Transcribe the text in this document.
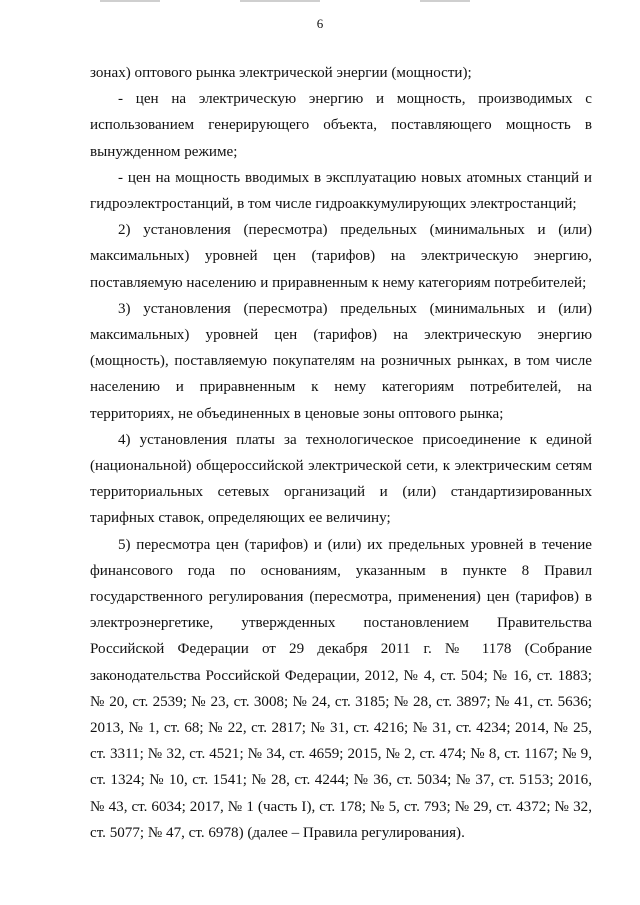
6

зонах) оптового рынка электрической энергии (мощности);

- цен на электрическую энергию и мощность, производимых с использованием генерирующего объекта, поставляющего мощность в вынужденном режиме;

- цен на мощность вводимых в эксплуатацию новых атомных станций и гидроэлектростанций, в том числе гидроаккумулирующих электростанций;

2) установления (пересмотра) предельных (минимальных и (или) максимальных) уровней цен (тарифов) на электрическую энергию, поставляемую населению и приравненным к нему категориям потребителей;

3) установления (пересмотра) предельных (минимальных и (или) максимальных) уровней цен (тарифов) на электрическую энергию (мощность), поставляемую покупателям на розничных рынках, в том числе населению и приравненным к нему категориям потребителей, на территориях, не объединенных в ценовые зоны оптового рынка;

4) установления платы за технологическое присоединение к единой (национальной) общероссийской электрической сети, к электрическим сетям территориальных сетевых организаций и (или) стандартизированных тарифных ставок, определяющих ее величину;

5) пересмотра цен (тарифов) и (или) их предельных уровней в течение финансового года по основаниям, указанным в пункте 8 Правил государственного регулирования (пересмотра, применения) цен (тарифов) в электроэнергетике, утвержденных постановлением Правительства Российской Федерации от 29 декабря 2011 г. № 1178 (Собрание законодательства Российской Федерации, 2012, № 4, ст. 504; № 16, ст. 1883; № 20, ст. 2539; № 23, ст. 3008; № 24, ст. 3185; № 28, ст. 3897; № 41, ст. 5636; 2013, № 1, ст. 68; № 22, ст. 2817; № 31, ст. 4216; № 31, ст. 4234; 2014, № 25, ст. 3311; № 32, ст. 4521; № 34, ст. 4659; 2015, № 2, ст. 474; № 8, ст. 1167; № 9, ст. 1324; № 10, ст. 1541; № 28, ст. 4244; № 36, ст. 5034; № 37, ст. 5153; 2016, № 43, ст. 6034; 2017, № 1 (часть I), ст. 178; № 5, ст. 793; № 29, ст. 4372; № 32, ст. 5077; № 47, ст. 6978) (далее – Правила регулирования).
